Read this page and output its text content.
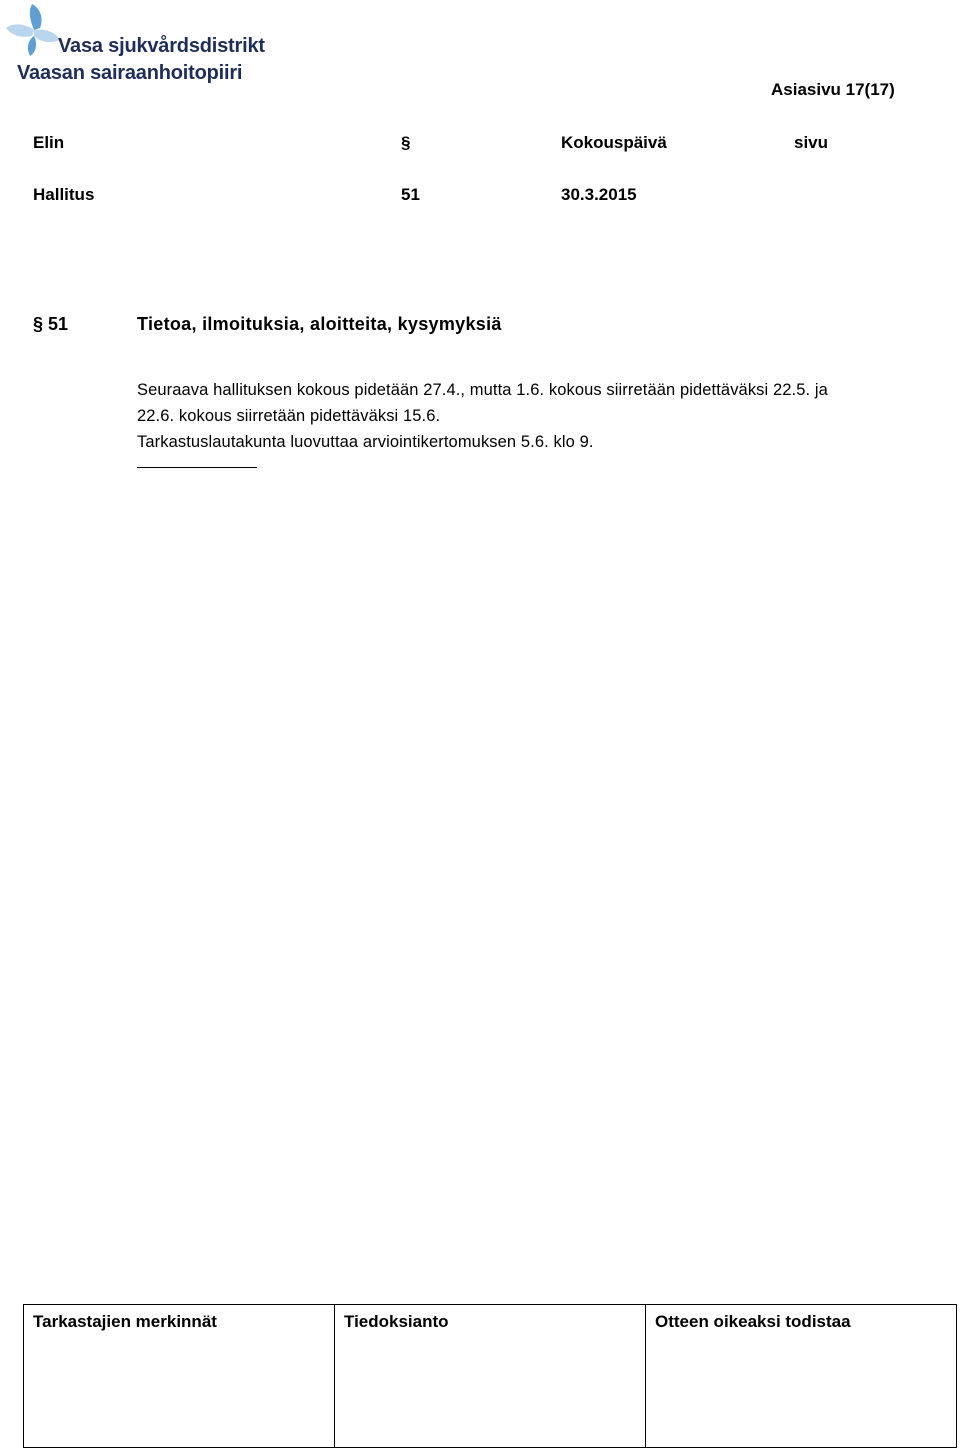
Vasa sjukvårdsdistrikt
Vaasan sairaanhoitopiiri
Asiasivu 17(17)
Elin	§	Kokouspäivä	sivu
Hallitus	51	30.3.2015
§ 51	Tietoa, ilmoituksia, aloitteita, kysymyksiä

Seuraava hallituksen kokous pidetään 27.4., mutta 1.6. kokous siirretään pidettäväksi 22.5. ja

22.6. kokous siirretään pidettäväksi 15.6.

Tarkastuslautakunta luovuttaa arviointikertomuksen 5.6. klo 9.

Tarkastajien merkinnät	Tiedoksianto	Otteen oikeaksi todistaa
